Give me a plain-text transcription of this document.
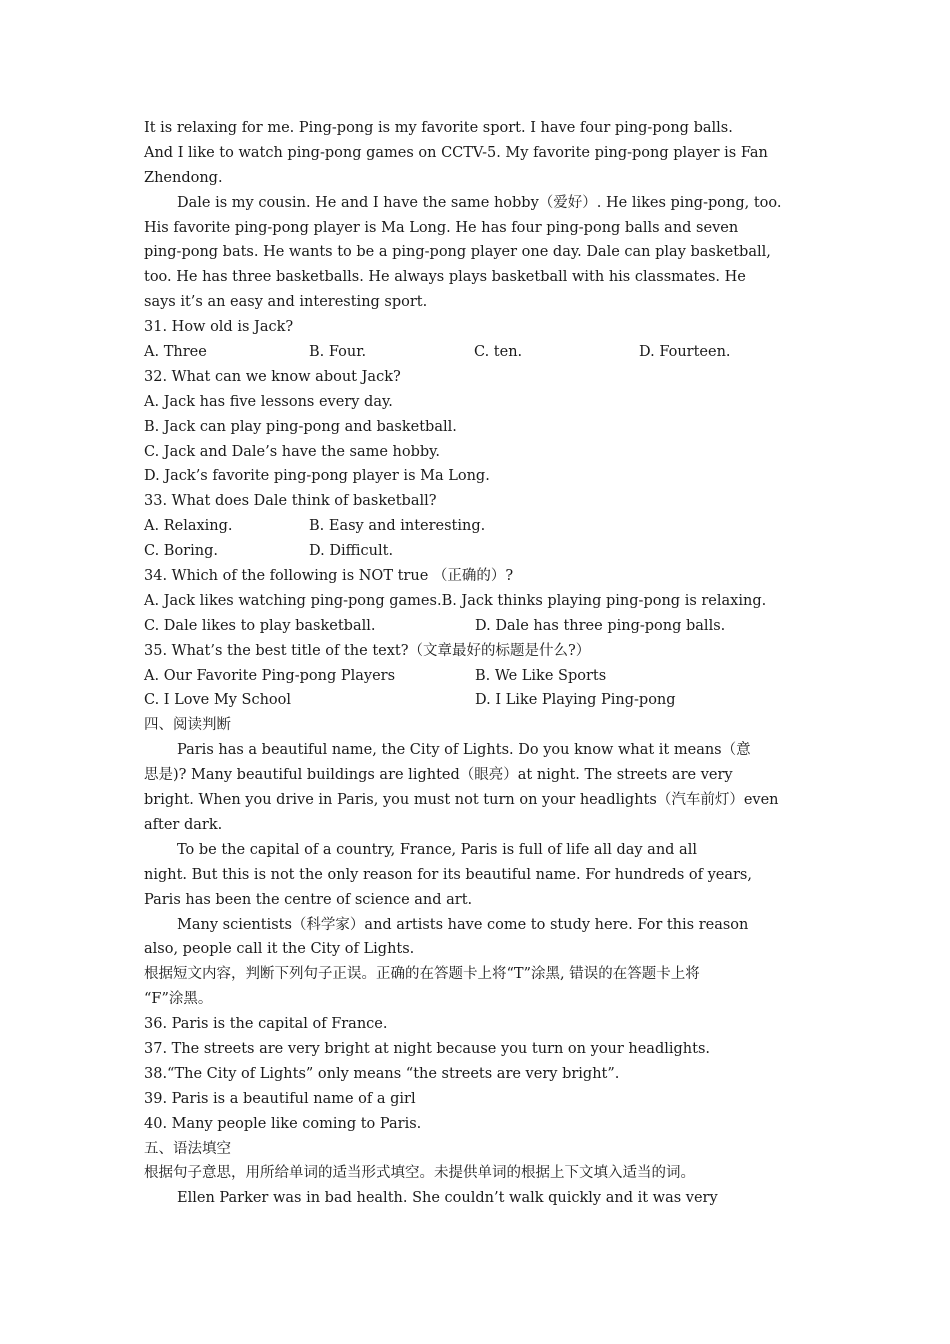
It is relaxing for me. Ping-pong is my favorite sport. I have four ping-pong balls.
And I like to watch ping-pong games on CCTV-5. My favorite ping-pong player is Fan
Zhendong.
Dale is my cousin. He and I have the same hobby（爱好）. He likes ping-pong, too.
His favorite ping-pong player is Ma Long. He has four ping-pong balls and seven
ping-pong bats. He wants to be a ping-pong player one day. Dale can play basketball,
too. He has three basketballs. He always plays basketball with his classmates. He
says it’s an easy and interesting sport.
31. How old is Jack?
A. Three	B. Four.	C. ten.	D. Fourteen.
32. What can we know about Jack?
A. Jack has five lessons every day.
B. Jack can play ping-pong and basketball.
C. Jack and Dale’s have the same hobby.
D. Jack’s favorite ping-pong player is Ma Long.
33. What does Dale think of basketball?
A. Relaxing.	B. Easy and interesting.
C. Boring.	D. Difficult.
34. Which of the following is NOT true （正确的）?
A. Jack likes watching ping-pong games. B. Jack thinks playing ping-pong is relaxing.
C. Dale likes to play basketball.	D. Dale has three ping-pong balls.
35. What’s the best title of the text?（文章最好的标题是什么?）
A. Our Favorite Ping-pong Players	B. We Like Sports
C. I Love My School	D. I Like Playing Ping-pong
四、阅读判断
Paris has a beautiful name, the City of Lights. Do you know what it means（意
思是)? Many beautiful buildings are lighted（眼亮）at night. The streets are very
bright. When you drive in Paris, you must not turn on your headlights（汽车前灯）even
after dark.
To be the capital of a country, France, Paris is full of life all day and all
night. But this is not the only reason for its beautiful name. For hundreds of years,
Paris has been the centre of science and art.
Many scientists（科学家）and artists have come to study here. For this reason
also, people call it the City of Lights.
根据短文内容，判断下列句子正误。正确的在答题卡上将“T”涂黑, 错误的在答题卡上将
“F”涂黑。
36. Paris is the capital of France.
37. The streets are very bright at night because you turn on your headlights.
38.“The City of Lights” only means “the streets are very bright”.
39. Paris is a beautiful name of a girl
40. Many people like coming to Paris.
五、语法填空
根据句子意思，用所给单词的适当形式填空。未提供单词的根据上下文填入适当的词。
Ellen Parker was in bad health. She couldn’t walk quickly and it was very
